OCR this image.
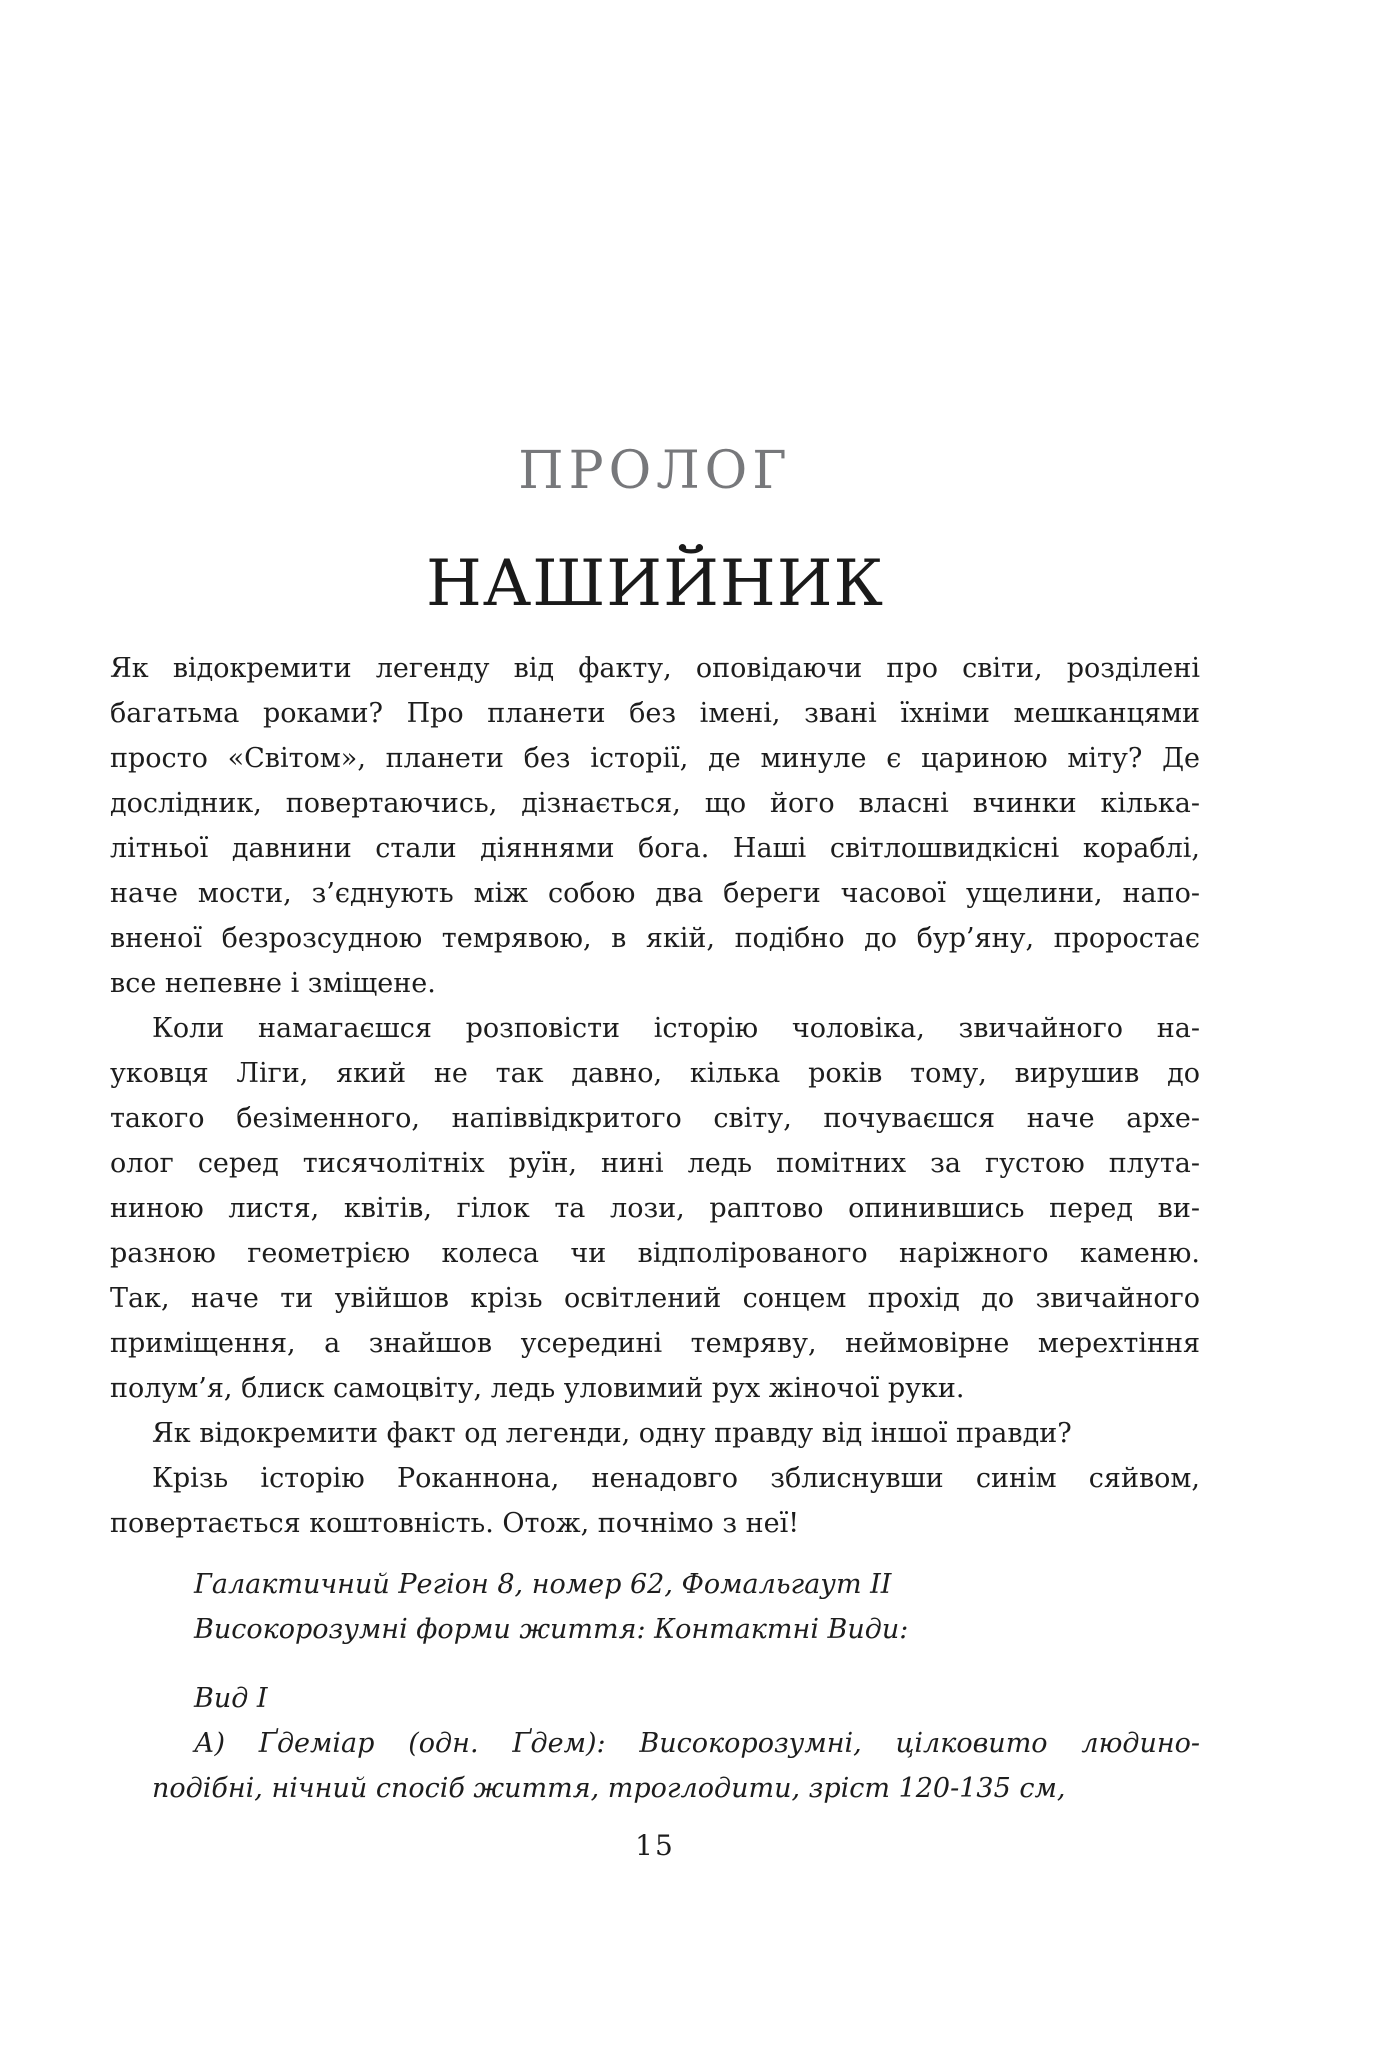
ПРОЛОГ
НАШИЙНИК
Як відокремити легенду від факту, оповідаючи про світи, розділені
багатьма роками? Про планети без імені, звані їхніми мешканцями
просто «Світом», планети без історії, де минуле є цариною міту? Де
дослідник, повертаючись, дізнається, що його власні вчинки кілька-
літньої давнини стали діяннями бога. Наші світлошвидкісні кораблі,
наче мости, з’єднують між собою два береги часової ущелини, напо-
вненої безрозсудною темрявою, в якій, подібно до бур’яну, проростає
все непевне і зміщене.
Коли намагаєшся розповісти історію чоловіка, звичайного на-
уковця Ліги, який не так давно, кілька років тому, вирушив до
такого безіменного, напіввідкритого світу, почуваєшся наче архе-
олог серед тисячолітніх руїн, нині ледь помітних за густою плута-
ниною листя, квітів, гілок та лози, раптово опинившись перед ви-
разною геометрією колеса чи відполірованого наріжного каменю.
Так, наче ти увійшов крізь освітлений сонцем прохід до звичайного
приміщення, а знайшов усередині темряву, неймовірне мерехтіння
полум’я, блиск самоцвіту, ледь уловимий рух жіночої руки.
Як відокремити факт од легенди, одну правду від іншої правди?
Крізь історію Роканнона, ненадовго зблиснувши синім сяйвом,
повертається коштовність. Отож, почнімо з неї!
Галактичний Регіон 8, номер 62, Фомальгаут II
Високорозумні форми життя: Контактні Види:
Вид I
А) Ґдеміар (одн. Ґдем): Високорозумні, цілковито людино-
подібні, нічний спосіб життя, троглодити, зріст 120-135 см,
15
